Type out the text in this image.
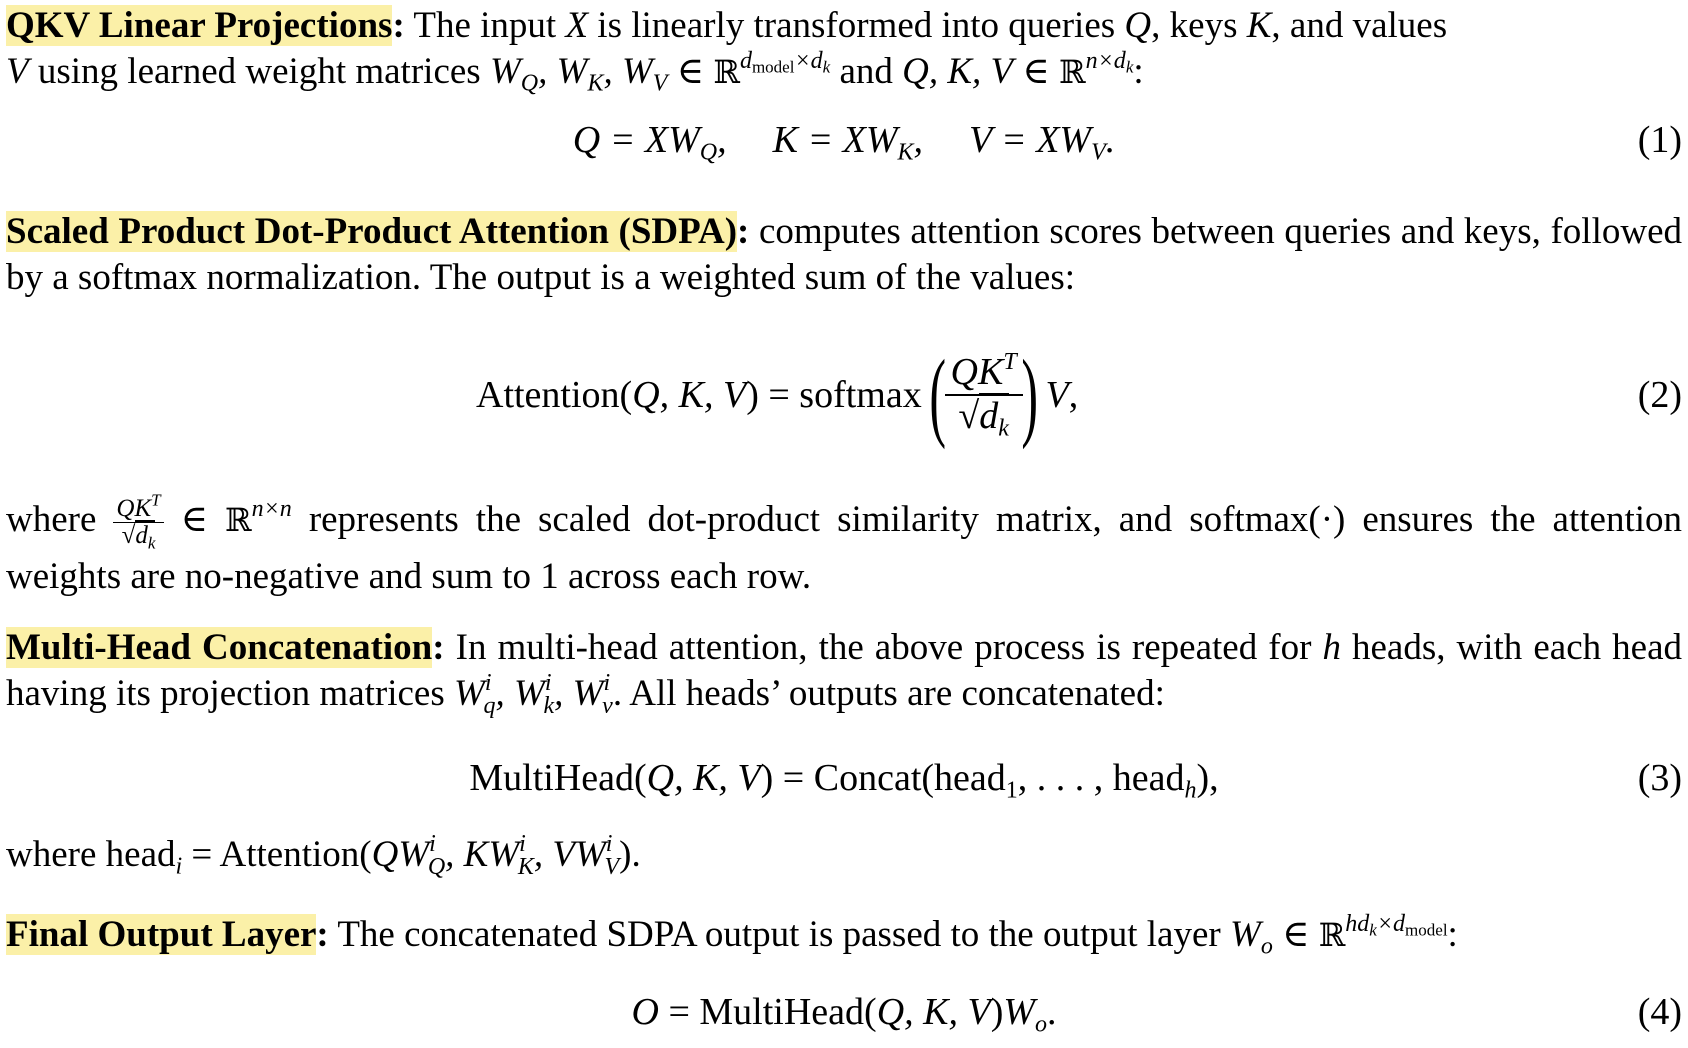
QKV Linear Projections: The input X is linearly transformed into queries Q, keys K, and values
V using learned weight matrices $W_Q$, $W_K$, $W_V$ ∈ ℝ$^{d_{model}\times d_k}$ and Q, K, V ∈ ℝ$^{n\times d_k}$:

$Q = XW_Q$, $K = XW_K$, $V = XW_V$.	(1)

Scaled Product Dot-Product Attention (SDPA): computes attention scores between queries and keys, followed by a softmax normalization. The output is a weighted sum of the values:

Attention ( Q, K, V ) = softmax
(
$\frac{QK^T}{√d_k}$
)
V ,	(2)

where $\frac{QK^T}{√d_k}$ ∈ ℝ$^{n\times n}$ represents the scaled dot-product similarity matrix, and softmax(·) ensures the attention weights are no-negative and sum to 1 across each row.

Multi-Head Concatenation: In multi-head attention, the above process is repeated for h heads, with each head having its projection matrices $W^i_q$, $W^i_k$, $W^i_v$. All heads’ outputs are concatenated:

MultiHead(Q, K, V) = Concat(head$_1$, . . . , head$_h$),	(3)

where head$_i$ = $Attention(QW^i_Q$, $KW^i_K$, $VW^i_V$).

Final Output Layer: The concatenated SDPA output is passed to the output layer $W_o$ ∈ ℝ$^{hd_k\times d_{model}}$:

O = MultiHead(Q, K, $V)W_o$.	(4)
